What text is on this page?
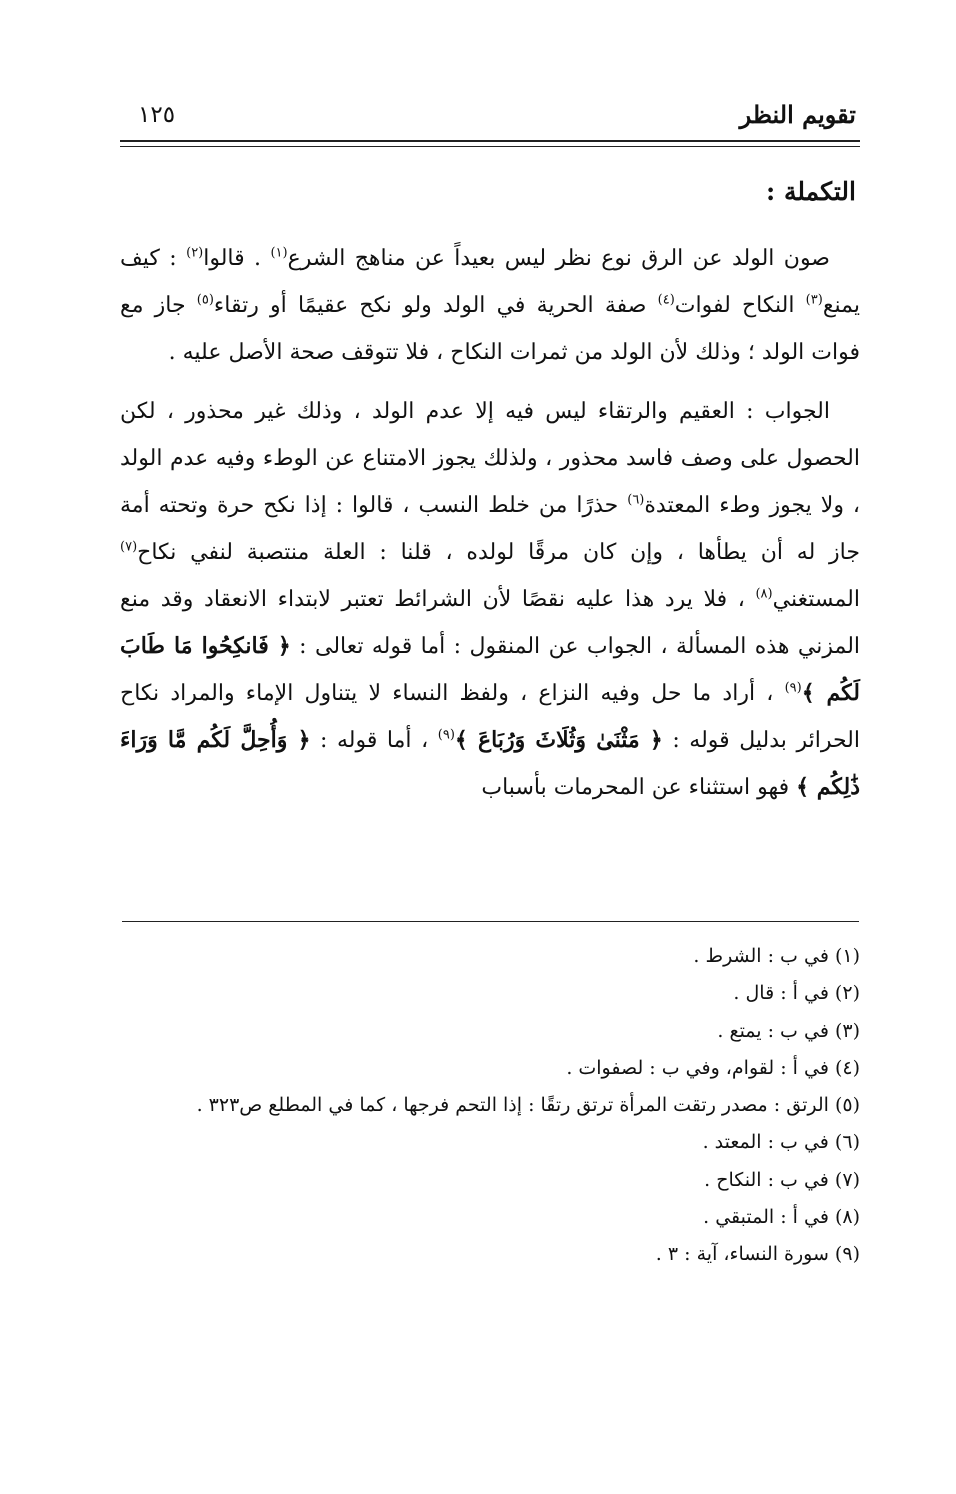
تقويم النظر
١٢٥
التكملة :

صون الولد عن الرق نوع نظر ليس بعيداً عن مناهج الشرع$^{(١)}$ . قالوا$^{(٢)}$ : كيف يمنع$^{(٣)}$ النكاح لفوات$^{(٤)}$ صفة الحرية في الولد ولو نكح عقيمًا أو رتقاء$^{(٥)}$ جاز مع فوات الولد ؛ وذلك لأن الولد من ثمرات النكاح ، فلا تتوقف صحة الأصل عليه .

الجواب : العقيم والرتقاء ليس فيه إلا عدم الولد ، وذلك غير محذور ، لكن الحصول على وصف فاسد محذور ، ولذلك يجوز الامتناع عن الوطء وفيه عدم الولد ، ولا يجوز وطء المعتدة$^{(٦)}$ حذرًا من خلط النسب ، قالوا : إذا نكح حرة وتحته أمة جاز له أن يطأها ، وإن كان مرقًا لولده ، قلنا : العلة منتصبة لنفي نكاح$^{(٧)}$ المستغني$^{(٨)}$ ، فلا يرد هذا عليه نقصًا لأن الشرائط تعتبر لابتداء الانعقاد وقد منع المزني هذه المسألة ، الجواب عن المنقول : أما قوله تعالى : ﴿ فَانكِحُوا مَا طَابَ لَكُم ﴾$^{(٩)}$ ، أراد ما حل وفيه النزاع ، ولفظ النساء لا يتناول الإماء والمراد نكاح الحرائر بدليل قوله : ﴿ مَثْنَىٰ وَثُلَاثَ وَرُبَاعَ ﴾$^{(٩)}$ ، أما قوله : ﴿ وَأُحِلَّ لَكُم مَّا وَرَاءَ ذَٰلِكُم ﴾ فهو استثناء عن المحرمات بأسباب

(١) في ب : الشرط .

(٢) في أ : قال .

(٣) في ب : يمتع .

(٤) في أ : لقوام، وفي ب : لصفوات .

(٥) الرتق : مصدر رتقت المرأة ترتق رتقًا : إذا التحم فرجها ، كما في المطلع ص٣٢٣ .

(٦) في ب : المعتد .

(٧) في ب : النكاح .

(٨) في أ : المتبقي .

(٩) سورة النساء، آية : ٣ .
